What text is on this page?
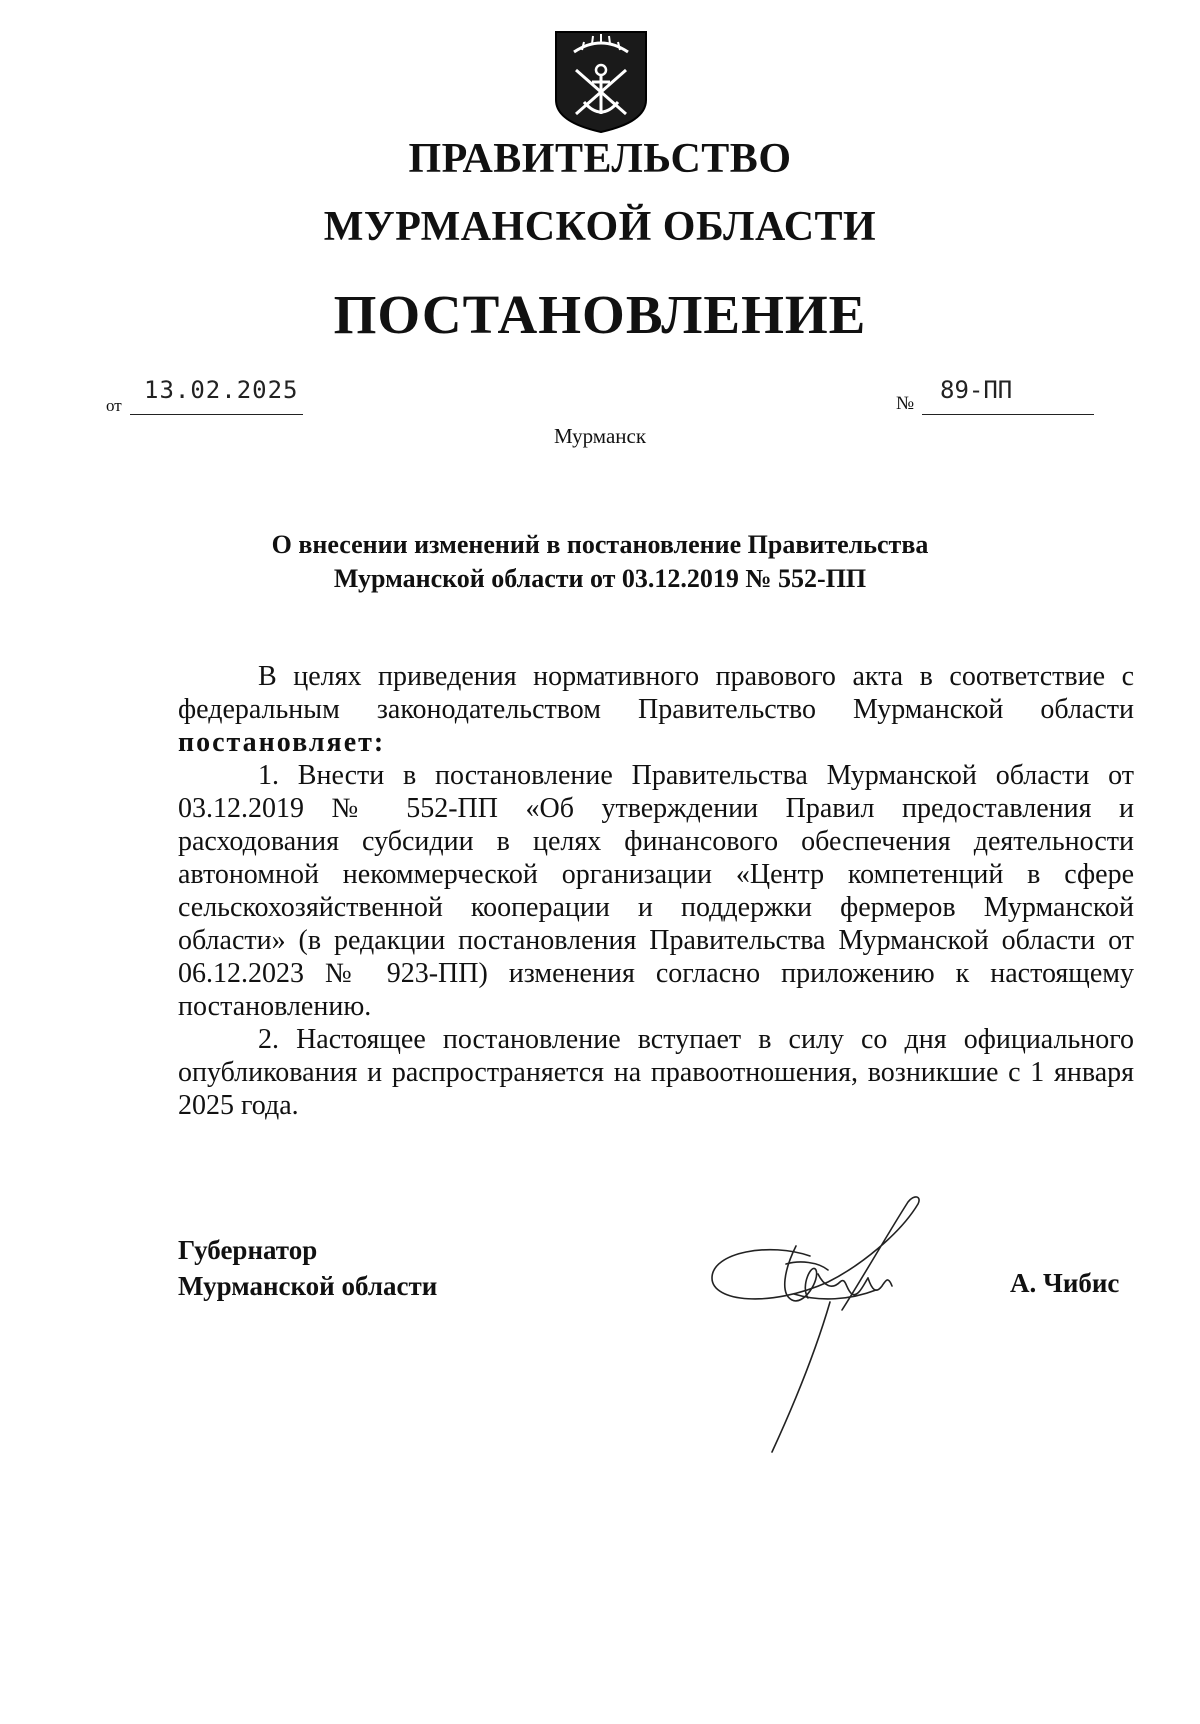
ПРАВИТЕЛЬСТВО
МУРМАНСКОЙ ОБЛАСТИ
ПОСТАНОВЛЕНИЕ
от
13.02.2025	№ 89-ПП
Мурманск
О внесении изменений в постановление Правительства
Мурманской области от 03.12.2019 № 552-ПП

В целях приведения нормативного правового акта в соответствие с федеральным законодательством Правительство Мурманской области постановляет:

1. Внести в постановление Правительства Мурманской области от 03.12.2019 № 552-ПП «Об утверждении Правил предоставления и расходования субсидии в целях финансового обеспечения деятельности автономной некоммерческой организации «Центр компетенций в сфере сельскохозяйственной кооперации и поддержки фермеров Мурманской области» (в редакции постановления Правительства Мурманской области от 06.12.2023 № 923-ПП) изменения согласно приложению к настоящему постановлению.

2. Настоящее постановление вступает в силу со дня официального опубликования и распространяется на правоотношения, возникшие с 1 января 2025 года.

Губернатор
Мурманской области	А. Чибис
